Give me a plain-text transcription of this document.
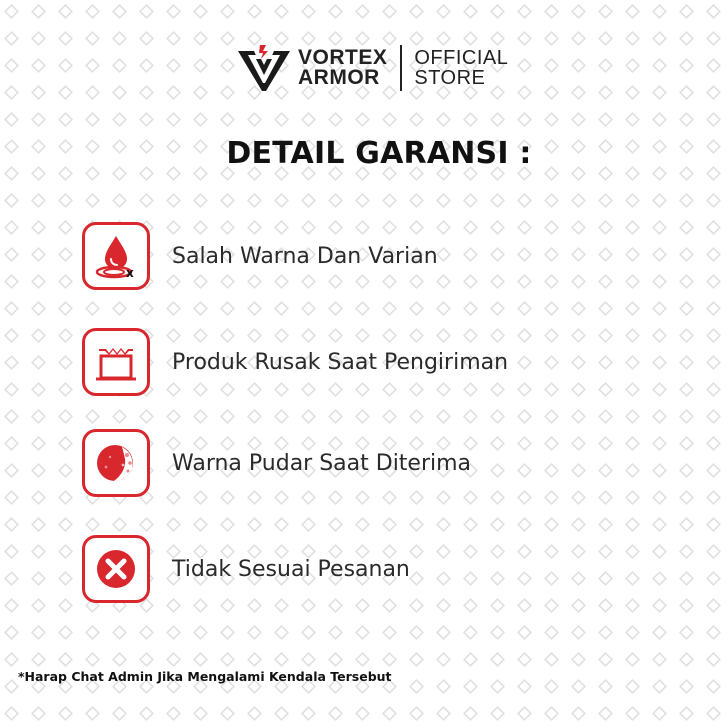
VORTEX
ARMOR
OFFICIAL
STORE
DETAIL GARANSI :
x
Salah Warna Dan Varian
Produk Rusak Saat Pengiriman
Warna Pudar Saat Diterima
Tidak Sesuai Pesanan
*Harap Chat Admin Jika Mengalami Kendala Tersebut
